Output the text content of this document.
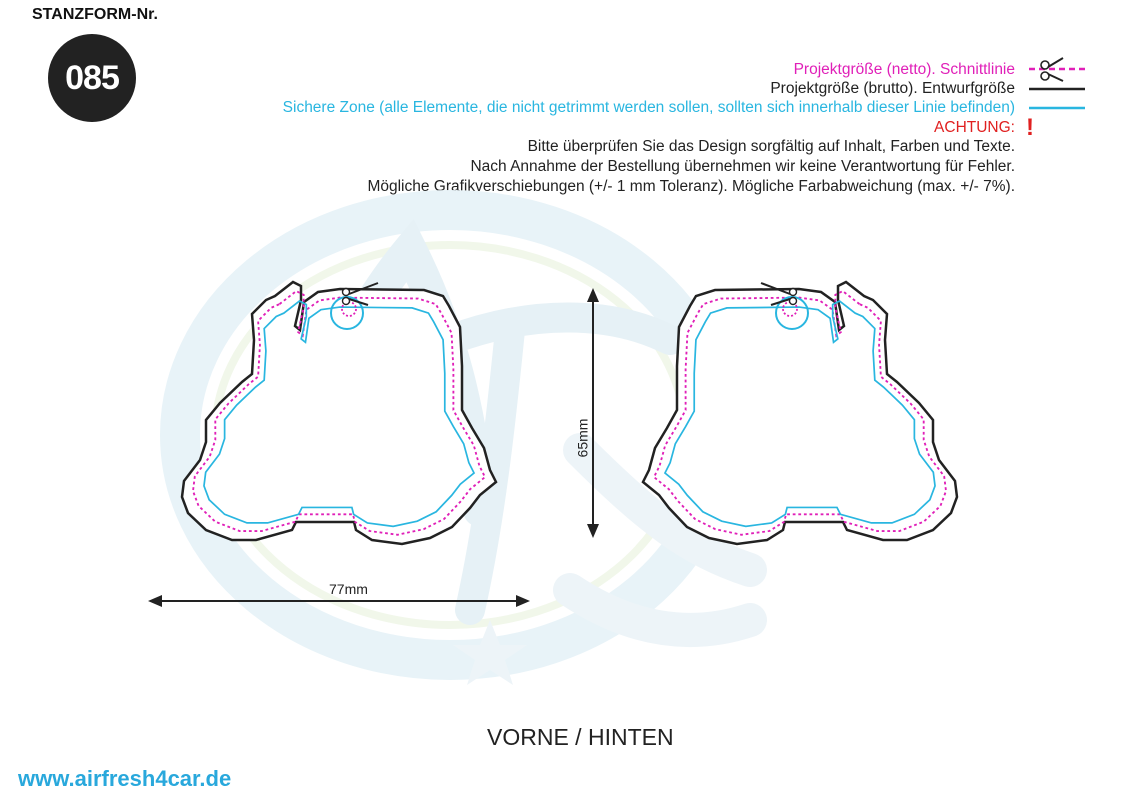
STANZFORM-Nr.
085	Projektgröße (netto). Schnittlinie
Projektgröße (brutto). Entwurfgröße
Sichere Zone (alle Elemente, die nicht getrimmt werden sollen, sollten sich innerhalb dieser Linie befinden)
ACHTUNG:
Bitte überprüfen Sie das Design sorgfältig auf Inhalt, Farben und Texte.
Nach Annahme der Bestellung übernehmen wir keine Verantwortung für Fehler.
Mögliche Grafikverschiebungen (+/- 1 mm Toleranz). Mögliche Farbabweichung (max. +/- 7%).
!
77mm
65mm
VORNE / HINTEN
www.airfresh4car.de
